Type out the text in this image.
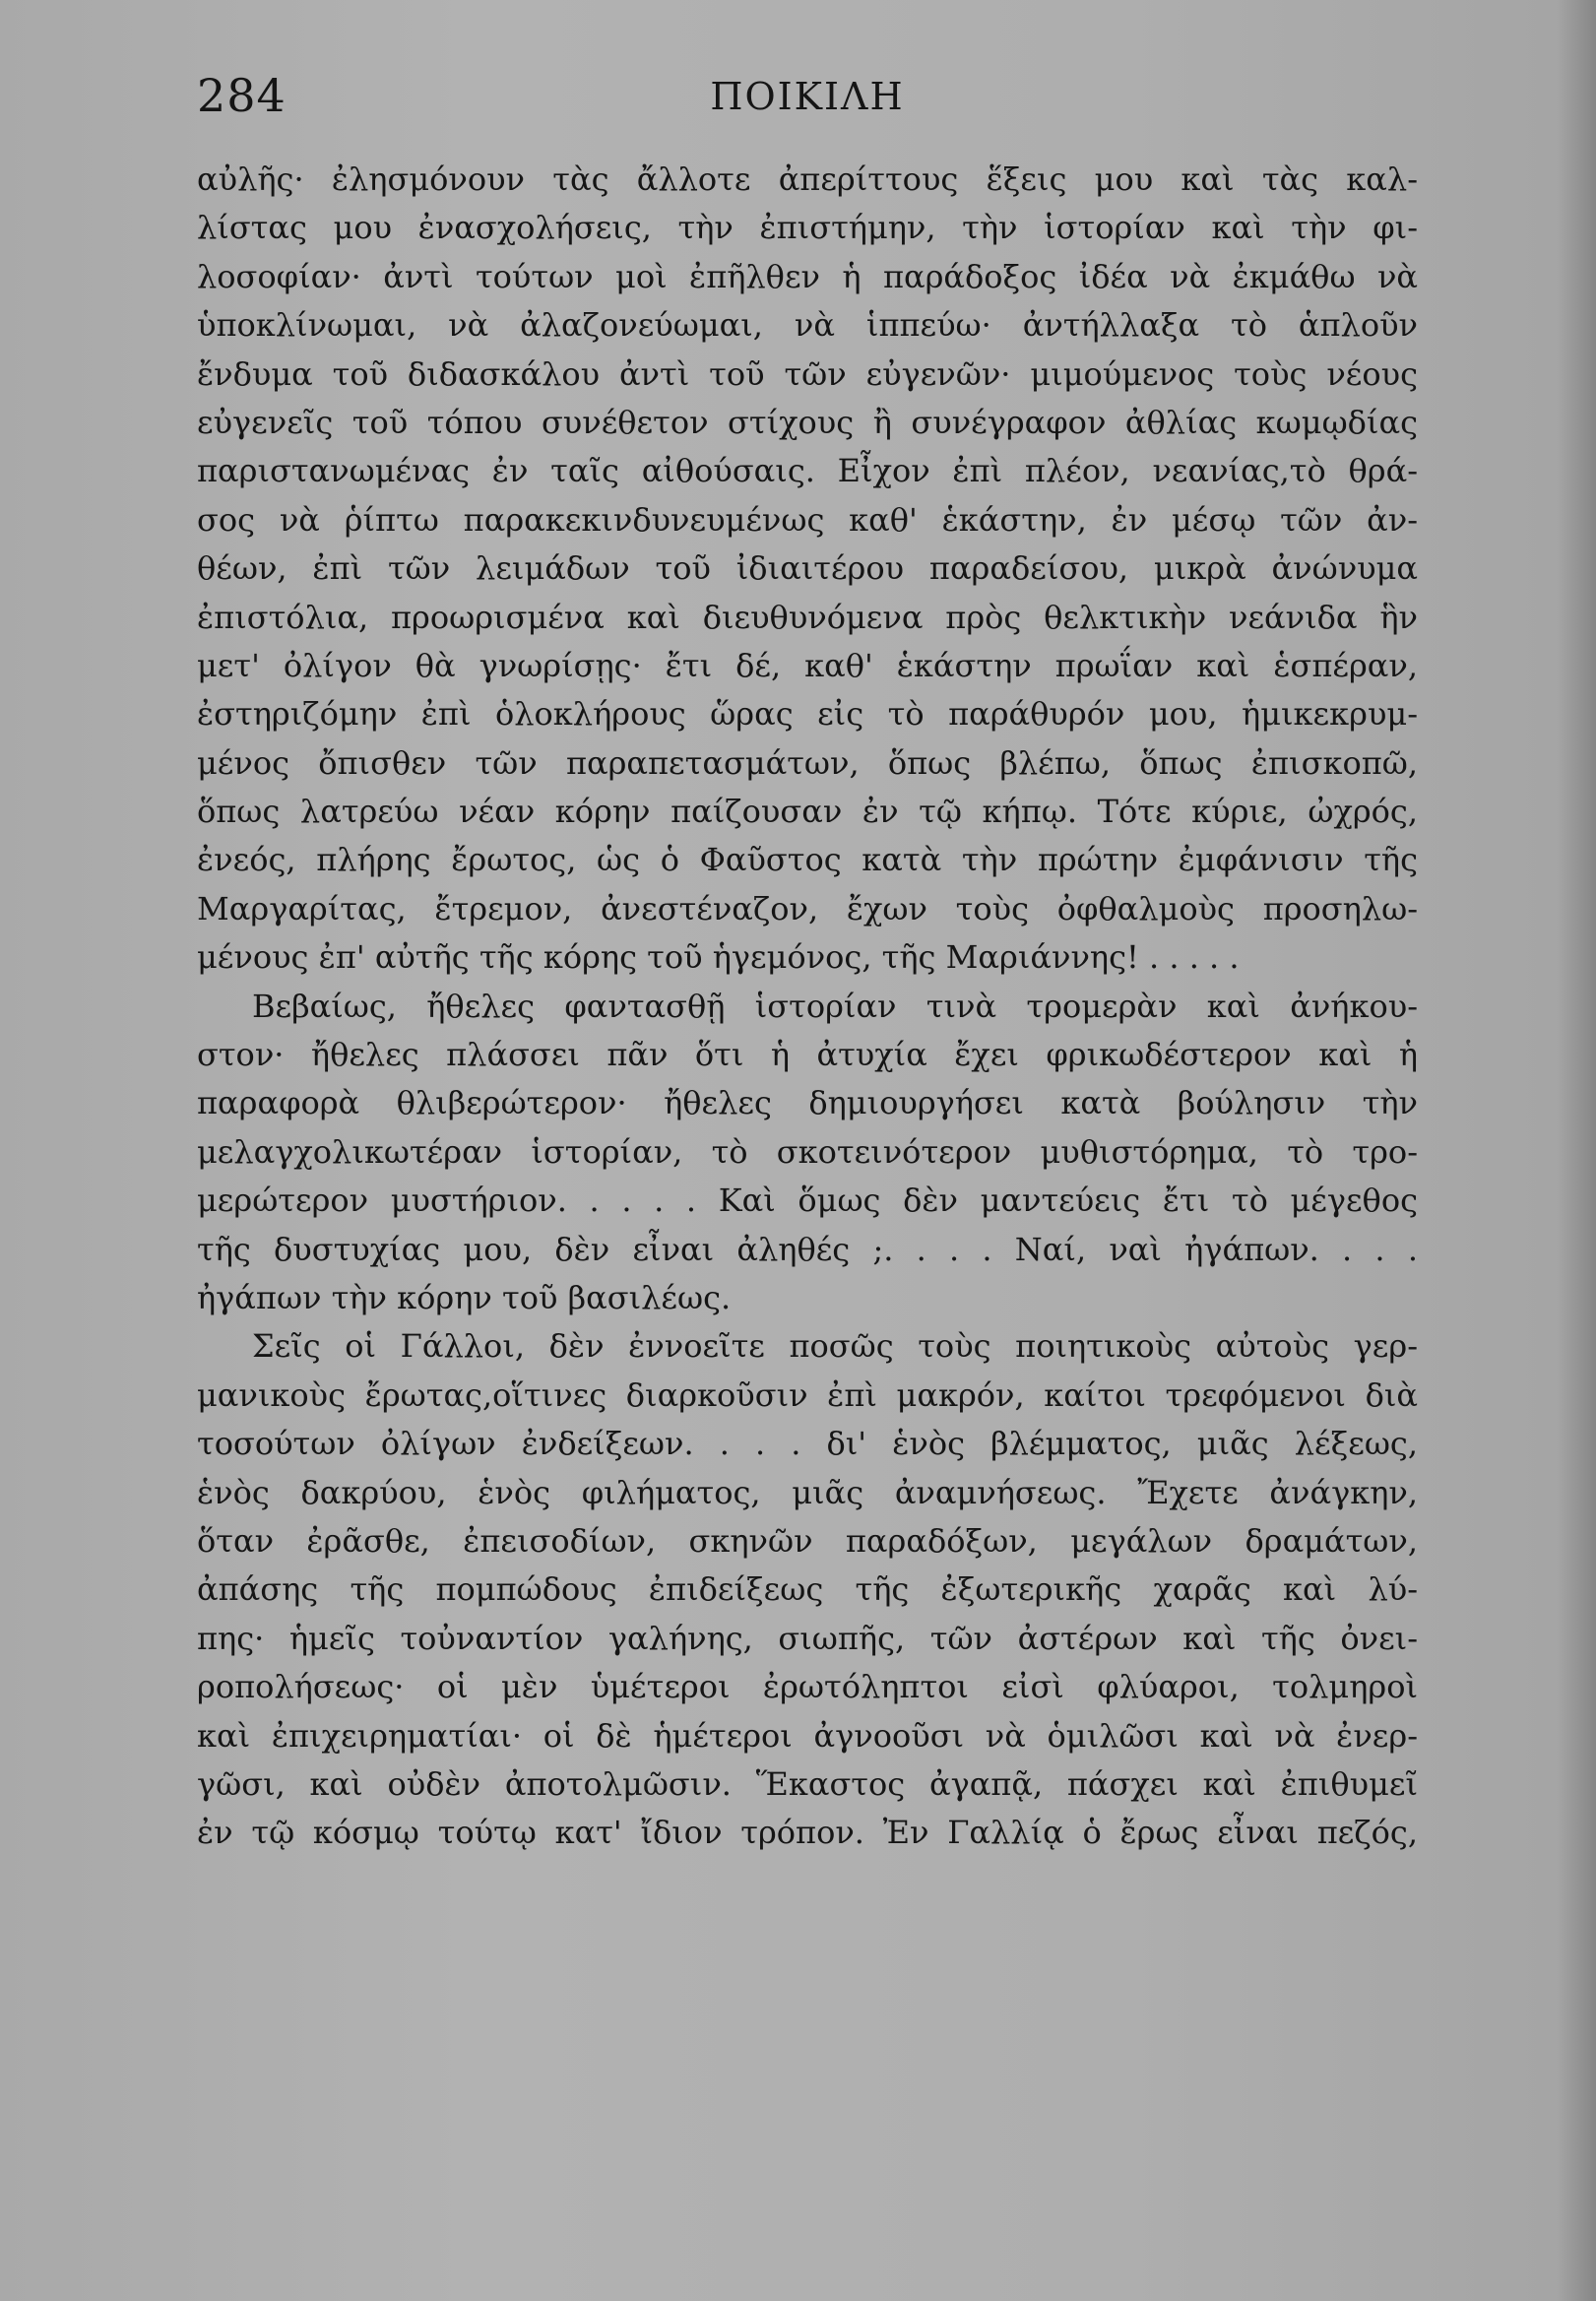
284	ΠΟΙΚΙΛΗ
αὐλῆς· ἐλησμόνουν τὰς ἄλλοτε ἀπερίττους ἕξεις μου καὶ τὰς καλ-
λίστας μου ἐνασχολήσεις, τὴν ἐπιστήμην, τὴν ἱστορίαν καὶ τὴν φι-
λοσοφίαν· ἀντὶ τούτων μοὶ ἐπῆλθεν ἡ παράδοξος ἰδέα νὰ ἐκμάθω νὰ
ὑποκλίνωμαι, νὰ ἀλαζονεύωμαι, νὰ ἱππεύω· ἀντήλλαξα τὸ ἁπλοῦν
ἔνδυμα τοῦ διδασκάλου ἀντὶ τοῦ τῶν εὐγενῶν· μιμούμενος τοὺς νέους
εὐγενεῖς τοῦ τόπου συνέθετον στίχους ἢ συνέγραφον ἀθλίας κωμῳδίας
παριστανωμένας ἐν ταῖς αἰθούσαις. Εἶχον ἐπὶ πλέον, νεανίας,τὸ θρά-
σος νὰ ῥίπτω παρακεκινδυνευμένως καθ' ἑκάστην, ἐν μέσῳ τῶν ἀν-
θέων, ἐπὶ τῶν λειμάδων τοῦ ἰδιαιτέρου παραδείσου, μικρὰ ἀνώνυμα
ἐπιστόλια, προωρισμένα καὶ διευθυνόμενα πρὸς θελκτικὴν νεάνιδα ἣν
μετ' ὀλίγον θὰ γνωρίσῃς· ἔτι δέ, καθ' ἑκάστην πρωΐαν καὶ ἑσπέραν,
ἐστηριζόμην ἐπὶ ὁλοκλήρους ὥρας εἰς τὸ παράθυρόν μου, ἡμικεκρυμ-
μένος ὄπισθεν τῶν παραπετασμάτων, ὅπως βλέπω, ὅπως ἐπισκοπῶ,
ὅπως λατρεύω νέαν κόρην παίζουσαν ἐν τῷ κήπῳ. Τότε κύριε, ὠχρός,
ἐνεός, πλήρης ἔρωτος, ὡς ὁ Φαῦστος κατὰ τὴν πρώτην ἐμφάνισιν τῆς
Μαργαρίτας, ἔτρεμον, ἀνεστέναζον, ἔχων τοὺς ὀφθαλμοὺς προσηλω-
μένους ἐπ' αὐτῆς τῆς κόρης τοῦ ἡγεμόνος, τῆς Μαριάννης! . . . . .
Βεβαίως, ἤθελες φαντασθῇ ἱστορίαν τινὰ τρομερὰν καὶ ἀνήκου-
στον· ἤθελες πλάσσει πᾶν ὅτι ἡ ἀτυχία ἔχει φρικωδέστερον καὶ ἡ
παραφορὰ θλιβερώτερον· ἤθελες δημιουργήσει κατὰ βούλησιν τὴν
μελαγχολικωτέραν ἱστορίαν, τὸ σκοτεινότερον μυθιστόρημα, τὸ τρο-
μερώτερον μυστήριον. . . . . Καὶ ὅμως δὲν μαντεύεις ἔτι τὸ μέγεθος
τῆς δυστυχίας μου, δὲν εἶναι ἀληθές ;. . . . Ναί, ναὶ ἠγάπων. . . .
ἠγάπων τὴν κόρην τοῦ βασιλέως.
Σεῖς οἱ Γάλλοι, δὲν ἐννοεῖτε ποσῶς τοὺς ποιητικοὺς αὐτοὺς γερ-
μανικοὺς ἔρωτας,οἵτινες διαρκοῦσιν ἐπὶ μακρόν, καίτοι τρεφόμενοι διὰ
τοσούτων ὀλίγων ἐνδείξεων. . . . δι' ἑνὸς βλέμματος, μιᾶς λέξεως,
ἑνὸς δακρύου, ἑνὸς φιλήματος, μιᾶς ἀναμνήσεως. Ἔχετε ἀνάγκην,
ὅταν ἐρᾶσθε, ἐπεισοδίων, σκηνῶν παραδόξων, μεγάλων δραμάτων,
ἀπάσης τῆς πομπώδους ἐπιδείξεως τῆς ἐξωτερικῆς χαρᾶς καὶ λύ-
πης· ἡμεῖς τοὐναντίον γαλήνης, σιωπῆς, τῶν ἀστέρων καὶ τῆς ὀνει-
ροπολήσεως· οἱ μὲν ὑμέτεροι ἐρωτόληπτοι εἰσὶ φλύαροι, τολμηροὶ
καὶ ἐπιχειρηματίαι· οἱ δὲ ἡμέτεροι ἀγνοοῦσι νὰ ὁμιλῶσι καὶ νὰ ἐνερ-
γῶσι, καὶ οὐδὲν ἀποτολμῶσιν. Ἕκαστος ἀγαπᾷ, πάσχει καὶ ἐπιθυμεῖ
ἐν τῷ κόσμῳ τούτῳ κατ' ἴδιον τρόπον. Ἐν Γαλλίᾳ ὁ ἔρως εἶναι πεζός,
